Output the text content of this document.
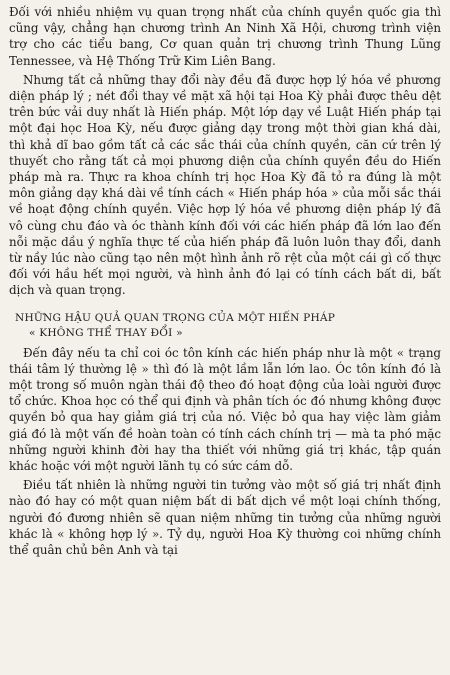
Đối với nhiều nhiệm vụ quan trọng nhất của chính quyền quốc gia thì cũng vậy, chẳng hạn chương trình An Ninh Xã Hội, chương trình viện trợ cho các tiểu bang, Cơ quan quản trị chương trình Thung Lũng Tennessee, và Hệ Thống Trữ Kim Liên Bang.

Nhưng tất cả những thay đổi này đều đã được hợp lý hóa về phương diện pháp lý ; nét đổi thay về mặt xã hội tại Hoa Kỳ phải được thêu dệt trên bức vải duy nhất là Hiến pháp. Một lớp dạy về Luật Hiến pháp tại một đại học Hoa Kỳ, nếu được giảng dạy trong một thời gian khá dài, thì khả dĩ bao gồm tất cả các sắc thái của chính quyền, căn cứ trên lý thuyết cho rằng tất cả mọi phương diện của chính quyền đều do Hiến pháp mà ra. Thực ra khoa chính trị học Hoa Kỳ đã tỏ ra đúng là một môn giảng dạy khá dài về tính cách « Hiến pháp hóa » của mỗi sắc thái về hoạt động chính quyền. Việc hợp lý hóa về phương diện pháp lý đã vô cùng chu đáo và óc thành kính đối với các hiến pháp đã lớn lao đến nỗi mặc dầu ý nghĩa thực tế của hiến pháp đã luôn luôn thay đổi, danh từ nầy lúc nào cũng tạo nên một hình ảnh rõ rệt của một cái gì cố thực đối với hầu hết mọi người, và hình ảnh đó lại có tính cách bất di, bất dịch và quan trọng.

NHỮNG HẬU QUẢ QUAN TRỌNG CỦA MỘT HIẾN PHÁP
« KHÔNG THỂ THAY ĐỔI »

Đến đây nếu ta chỉ coi óc tôn kính các hiến pháp như là một « trạng thái tâm lý thường lệ » thì đó là một lầm lẫn lớn lao. Óc tôn kính đó là một trong số muôn ngàn thái độ theo đó hoạt động của loài người được tổ chức. Khoa học có thể qui định và phân tích óc đó nhưng không được quyền bỏ qua hay giảm giá trị của nó. Việc bỏ qua hay việc làm giảm giá đó là một vấn đề hoàn toàn có tính cách chính trị — mà ta phó mặc những người khinh đời hay tha thiết với những giá trị khác, tập quán khác hoặc với một người lãnh tụ có sức cám dỗ.

Điều tất nhiên là những người tin tưởng vào một số giá trị nhất định nào đó hay có một quan niệm bất di bất dịch về một loại chính thống, người đó đương nhiên sẽ quan niệm những tin tưởng của những người khác là « không hợp lý ». Tỷ dụ, người Hoa Kỳ thường coi những chính thể quân chủ bên Anh và tại
